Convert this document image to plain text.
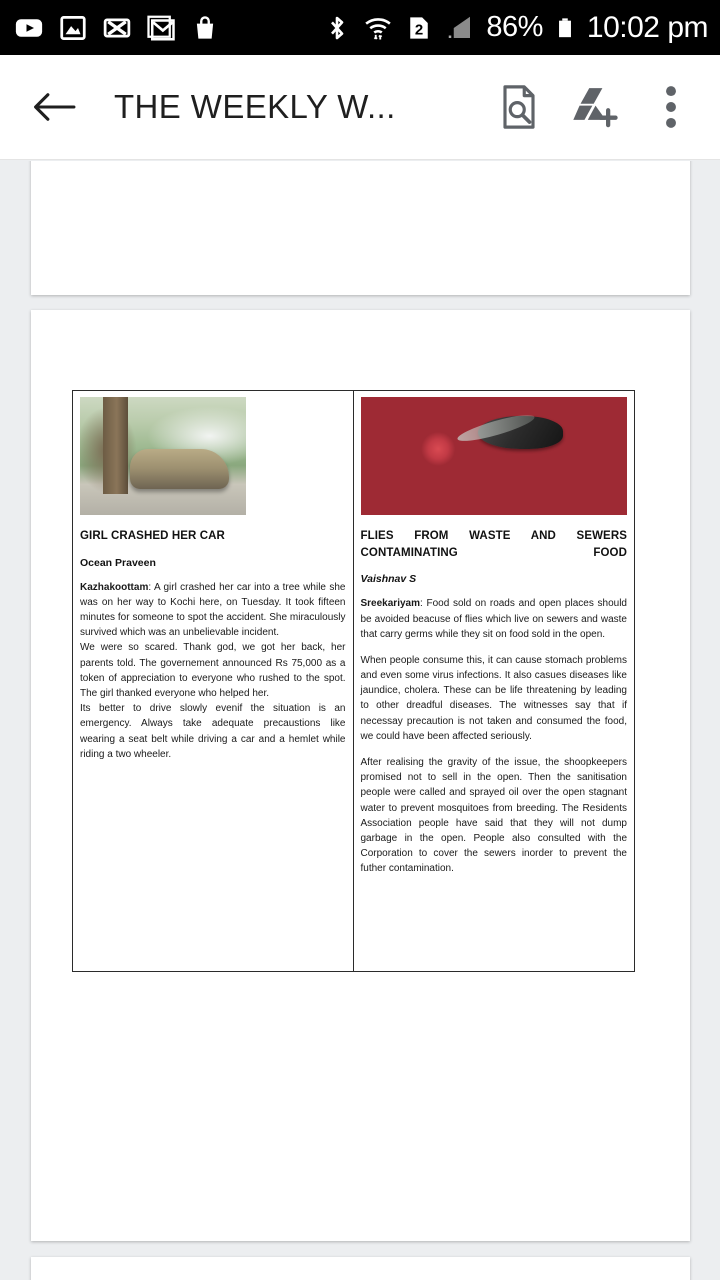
2 86% 10:02 pm
THE WEEKLY W...
GIRL CRASHED HER CAR
Ocean Praveen
Kazhakoottam: A girl crashed her car into a tree while she was on her way to Kochi here, on Tuesday. It took fifteen minutes for someone to spot the accident. She miraculously survived which was an unbelievable incident.
We were so scared. Thank god, we got her back, her parents told. The governement announced Rs 75,000 as a token of appreciation to everyone who rushed to the spot. The girl thanked everyone who helped her.
Its better to drive slowly evenif the situation is an emergency. Always take adequate precaustions like wearing a seat belt while driving a car and a hemlet while riding a two wheeler.
FLIES FROM WASTE AND SEWERS CONTAMINATING FOOD
Vaishnav S
Sreekariyam: Food sold on roads and open places should be avoided beacuse of flies which live on sewers and waste that carry germs while they sit on food sold in the open.
When people consume this, it can cause stomach problems and even some virus infections. It also casues diseases like jaundice, cholera. These can be life threatening by leading to other dreadful diseases. The witnesses say that if necessay precaution is not taken and consumed the food, we could have been affected seriously.
After realising the gravity of the issue, the shoopkeepers promised not to sell in the open. Then the sanitisation people were called and sprayed oil over the open stagnant water to prevent mosquitoes from breeding. The Residents Association people have said that they will not dump garbage in the open. People also consulted with the Corporation to cover the sewers inorder to prevent the futher contamination.
